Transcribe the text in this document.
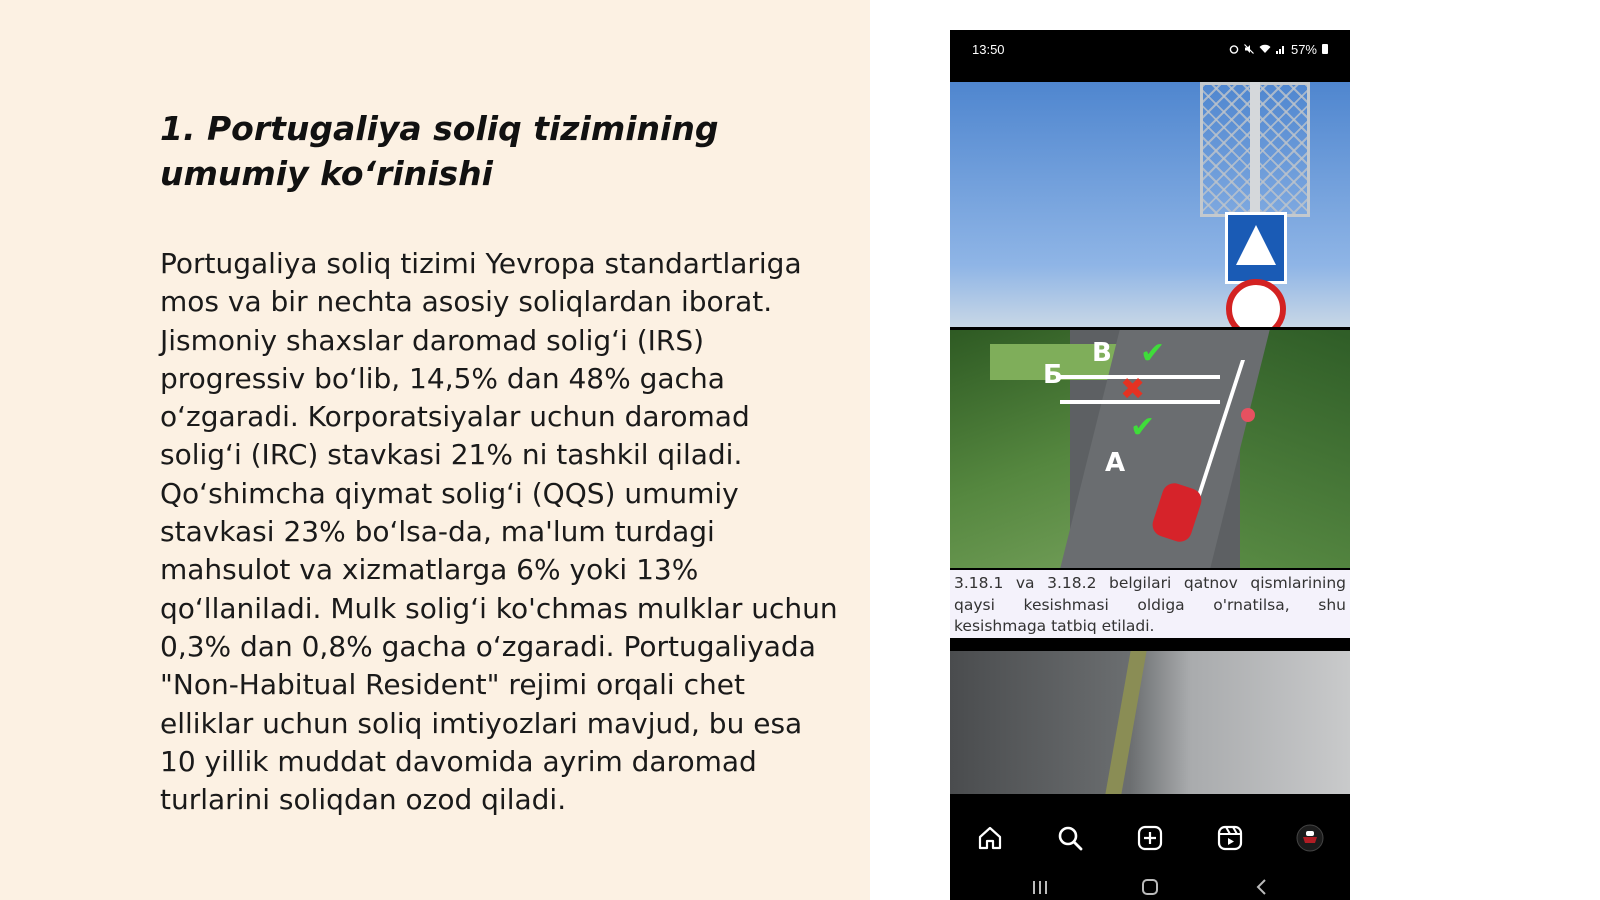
1. Portugaliya soliq tizimining umumiy ko‘rinishi

Portugaliya soliq tizimi Yevropa standartlariga mos va bir nechta asosiy soliqlardan iborat. Jismoniy shaxslar daromad solig‘i (IRS) progressiv bo‘lib, 14,5% dan 48% gacha o‘zgaradi. Korporatsiyalar uchun daromad solig‘i (IRC) stavkasi 21% ni tashkil qiladi. Qo‘shimcha qiymat solig‘i (QQS) umumiy stavkasi 23% bo‘lsa-da, ma'lum turdagi mahsulot va xizmatlarga 6% yoki 13% qo‘llaniladi. Mulk solig‘i ko'chmas mulklar uchun 0,3% dan 0,8% gacha o‘zgaradi. Portugaliyada "Non-Habitual Resident" rejimi orqali chet elliklar uchun soliq imtiyozlari mavjud, bu esa 10 yillik muddat davomida ayrim daromad turlarini soliqdan ozod qiladi.

13:50	57%
В
Б
A
✔
✖
✔

3.18.1 va 3.18.2 belgilari qatnov qismlarining qaysi kesishmasi oldiga o'rnatilsa, shu kesishmaga tatbiq etiladi.
